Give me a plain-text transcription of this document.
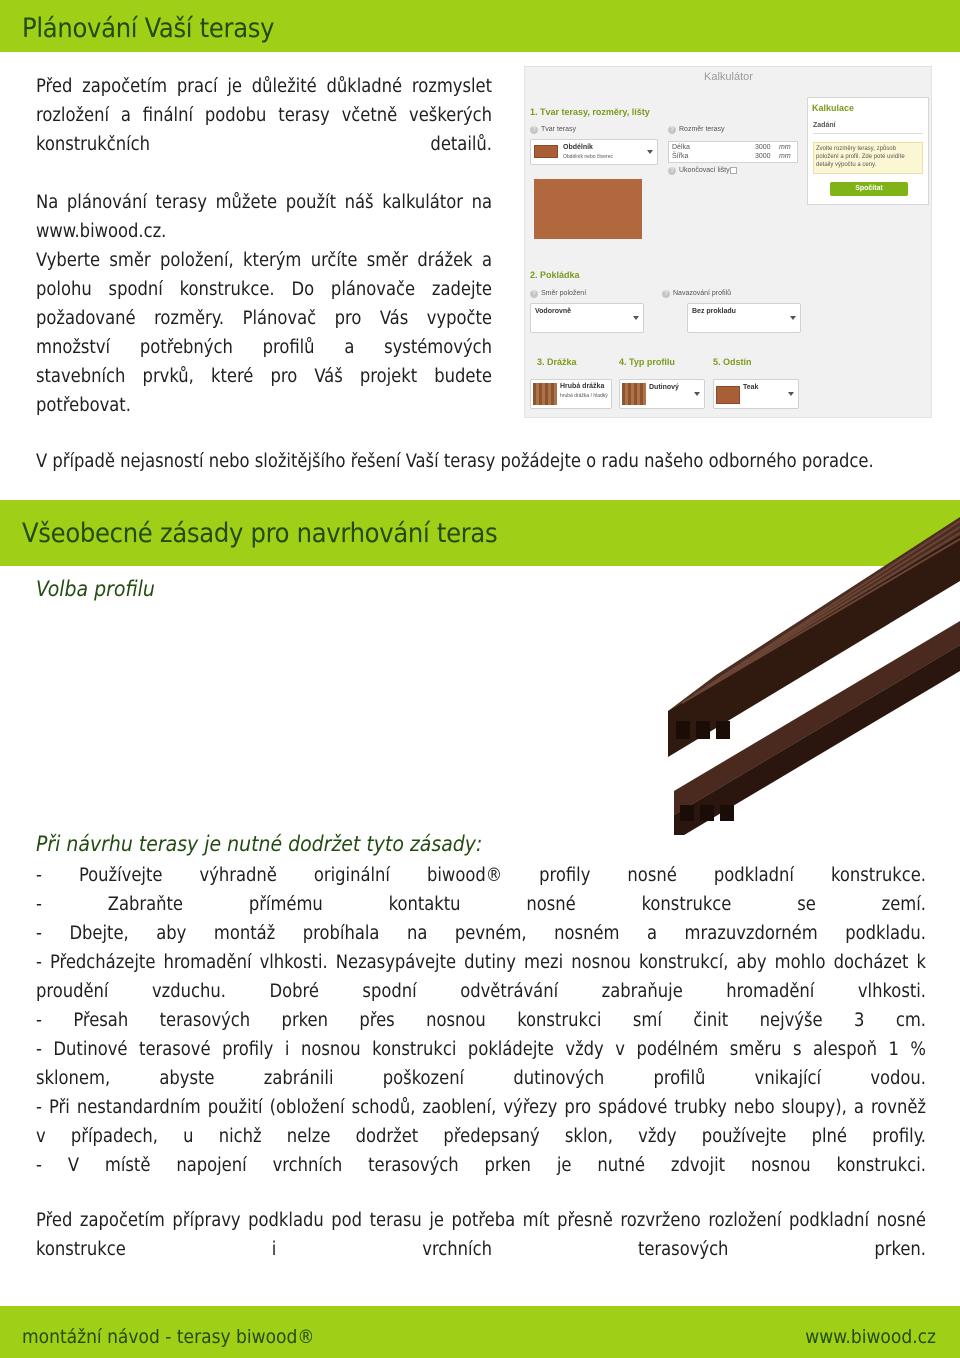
Plánování Vaší terasy
Před započetím prací je důležité důkladné rozmyslet
rozložení a finální podobu terasy včetně veškerých
konstrukčních detailů.
Na plánování terasy můžete použít náš kalkulátor na
www.biwood.cz.
Vyberte směr položení, kterým určíte směr drážek a
polohu spodní konstrukce. Do plánovače zadejte
požadované rozměry. Plánovač pro Vás vypočte
množství potřebných profilů a systémových
stavebních prvků, které pro Váš projekt budete
potřebovat.
Kalkulátor
1. Tvar terasy, rozměry, lišty
? Tvar terasy
Obdélník
Obdélník nebo čtverec
? Rozměr terasy
Délka	3000 mm
Šířka	3000 mm
? Ukončovací lišty
Kalkulace
Zadání
Zvolte rozměry terasy, způsob položení a profil. Zde poté uvidíte detaily výpočtu a ceny.
Spočítat
2. Pokládka
? Směr položení
Vodorovně
? Navazování profilů
Bez prokladu
3. Drážka	4. Typ profilu	5. Odstín
Hrubá drážka
hrubá drážka / hladký
Dutinový	Teak
V případě nejasností nebo složitějšího řešení Vaší terasy požádejte o radu našeho odborného poradce.
Všeobecné zásady pro navrhování teras
Volba profilu
Při návrhu terasy je nutné dodržet tyto zásady:
- Používejte výhradně originální biwood® profily nosné podkladní konstrukce.
- Zabraňte přímému kontaktu nosné konstrukce se zemí.
- Dbejte, aby montáž probíhala na pevném, nosném a mrazuvzdorném podkladu.
- Předcházejte hromadění vlhkosti. Nezasypávejte dutiny mezi nosnou konstrukcí, aby mohlo docházet k
proudění vzduchu. Dobré spodní odvětrávání zabraňuje hromadění vlhkosti.
- Přesah terasových prken přes nosnou konstrukci smí činit nejvýše 3 cm.
- Dutinové terasové profily i nosnou konstrukci pokládejte vždy v podélném směru s alespoň 1 %
sklonem, abyste zabránili poškození dutinových profilů vnikající vodou.
- Při nestandardním použití (obložení schodů, zaoblení, výřezy pro spádové trubky nebo sloupy), a rovněž
v případech, u nichž nelze dodržet předepsaný sklon, vždy používejte plné profily.
- V místě napojení vrchních terasových prken je nutné zdvojit nosnou konstrukci.
Před započetím přípravy podkladu pod terasu je potřeba mít přesně rozvrženo rozložení podkladní nosné
konstrukce i vrchních terasových prken.
montážní návod - terasy biwood®	www.biwood.cz
